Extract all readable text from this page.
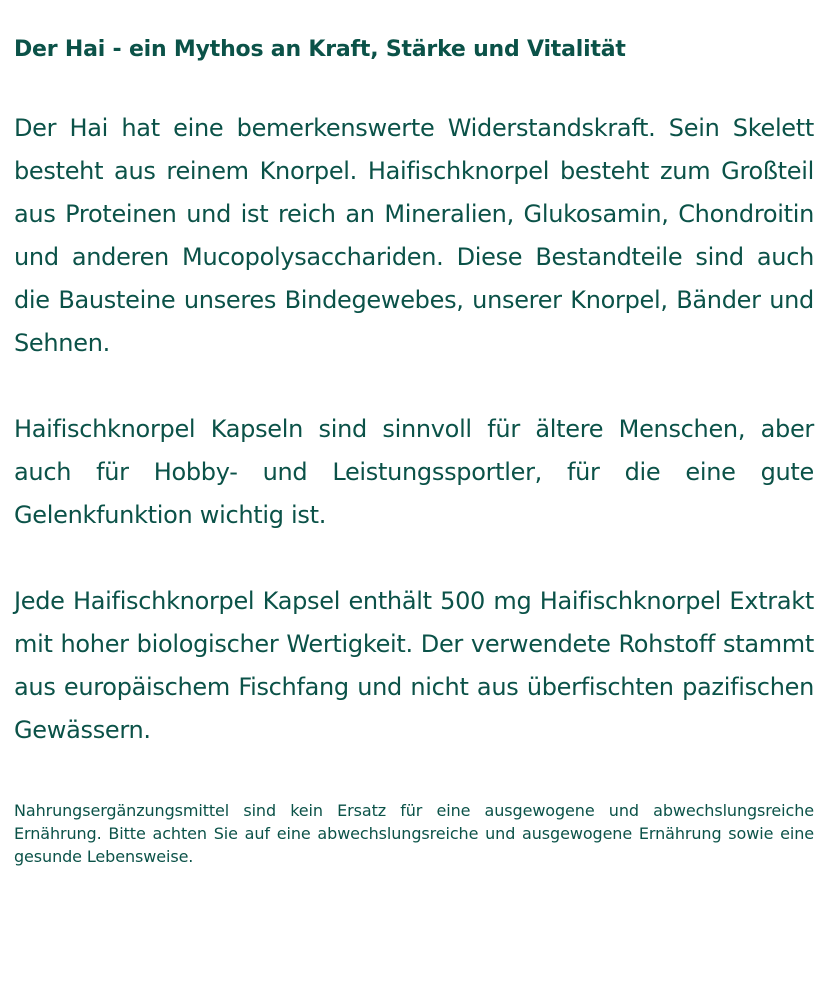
Der Hai - ein Mythos an Kraft, Stärke und Vitalität

Der Hai hat eine bemerkenswerte Widerstandskraft. Sein Skelett besteht aus reinem Knorpel. Haifischknorpel besteht zum Großteil aus Proteinen und ist reich an Mineralien, Glukosamin, Chondroitin und anderen Mucopolysacchariden. Diese Bestandteile sind auch die Bausteine unseres Bindegewebes, unserer Knorpel, Bänder und Sehnen.

Haifischknorpel Kapseln sind sinnvoll für ältere Menschen, aber auch für Hobby- und Leistungssportler, für die eine gute Gelenkfunktion wichtig ist.

Jede Haifischknorpel Kapsel enthält 500 mg Haifischknorpel Extrakt mit hoher biologischer Wertigkeit. Der verwendete Rohstoff stammt aus europäischem Fischfang und nicht aus überfischten pazifischen Gewässern.

Nahrungsergänzungsmittel sind kein Ersatz für eine ausgewogene und abwechslungsreiche Ernährung. Bitte achten Sie auf eine abwechslungsreiche und ausgewogene Ernährung sowie eine gesunde Lebensweise.
